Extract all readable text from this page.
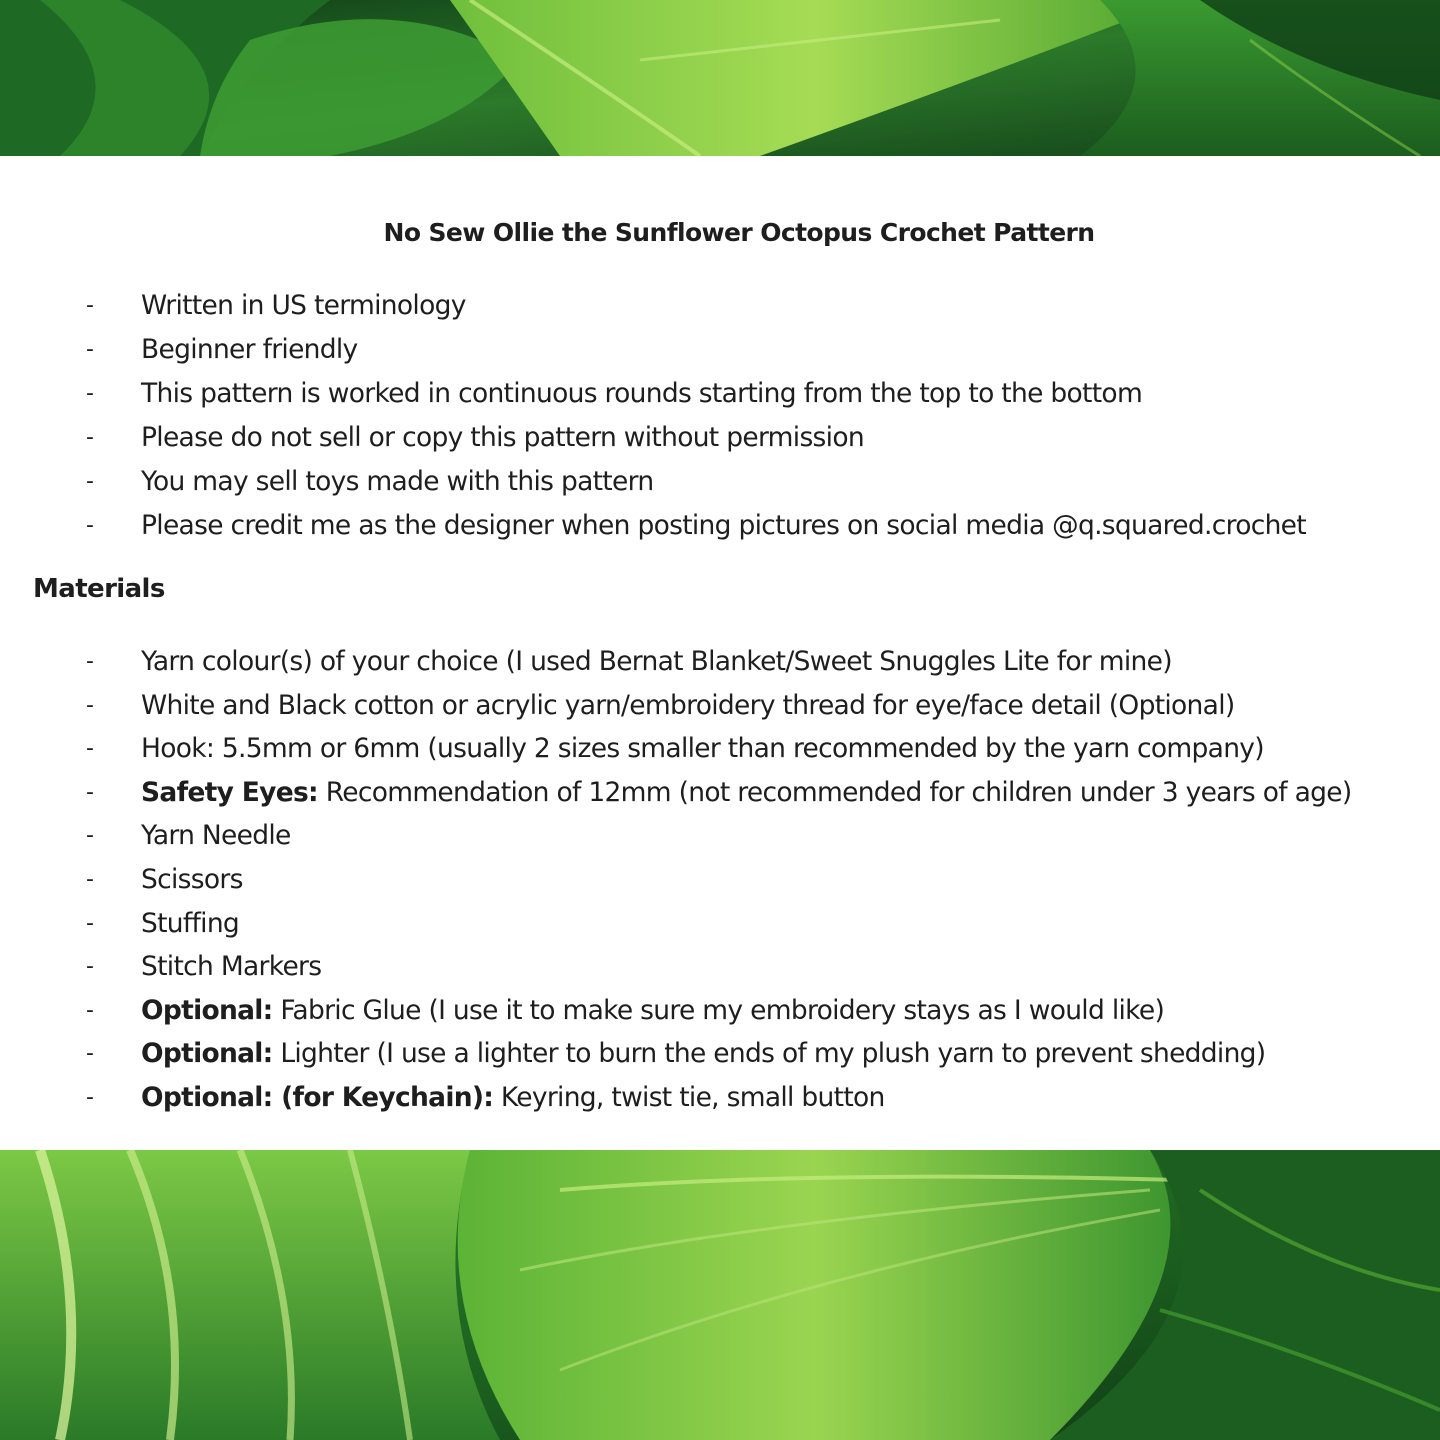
No Sew Ollie the Sunflower Octopus Crochet Pattern
- Written in US terminology
- Beginner friendly
- This pattern is worked in continuous rounds starting from the top to the bottom
- Please do not sell or copy this pattern without permission
- You may sell toys made with this pattern
- Please credit me as the designer when posting pictures on social media @q.squared.crochet
Materials
- Yarn colour(s) of your choice (I used Bernat Blanket/Sweet Snuggles Lite for mine)
- White and Black cotton or acrylic yarn/embroidery thread for eye/face detail (Optional)
- Hook: 5.5mm or 6mm (usually 2 sizes smaller than recommended by the yarn company)
- Safety Eyes: Recommendation of 12mm (not recommended for children under 3 years of age)
- Yarn Needle
- Scissors
- Stuffing
- Stitch Markers
- Optional: Fabric Glue (I use it to make sure my embroidery stays as I would like)
- Optional: Lighter (I use a lighter to burn the ends of my plush yarn to prevent shedding)
- Optional: (for Keychain): Keyring, twist tie, small button
